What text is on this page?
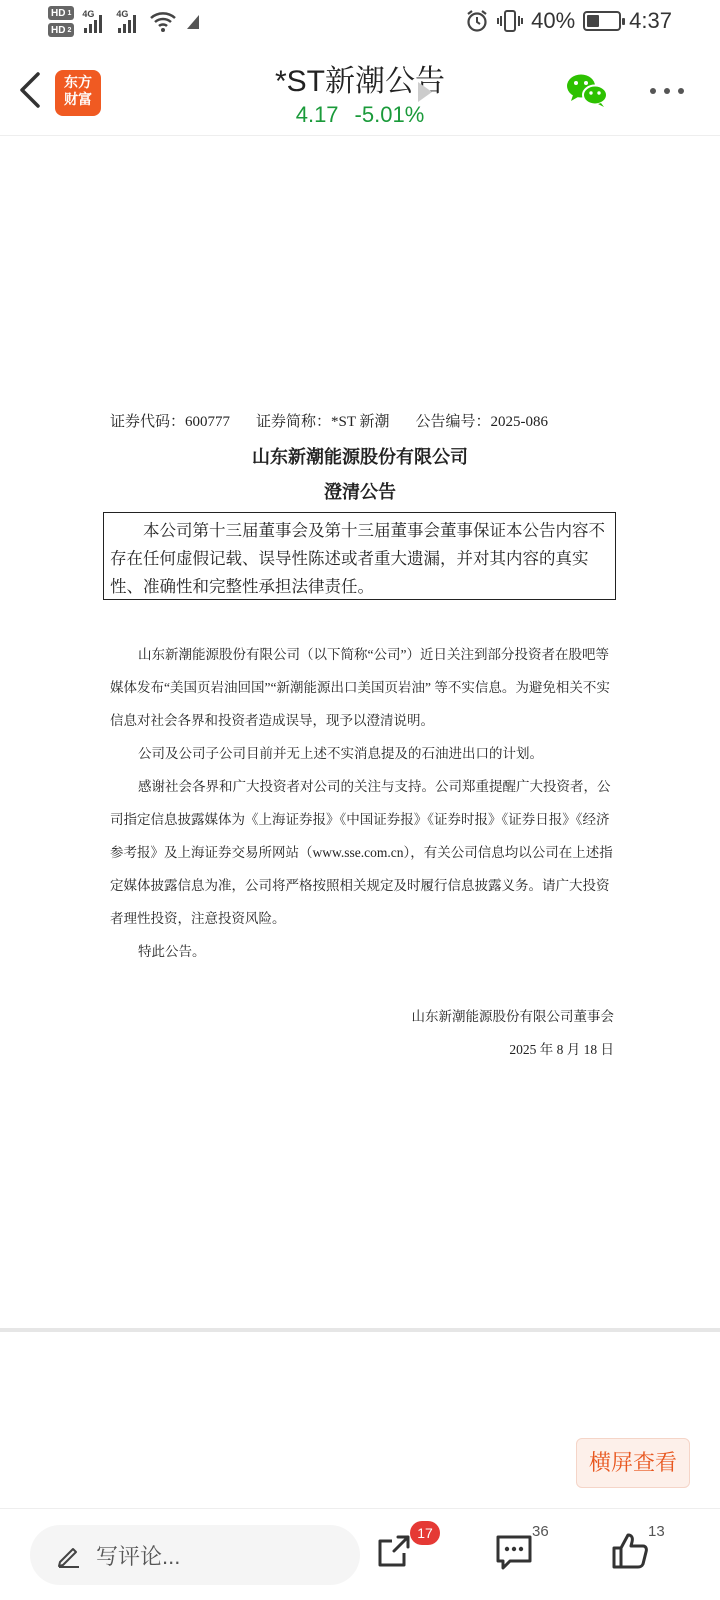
HD 1
HD 2
4G 4G	40% 4:37
东方
财富
*ST新潮公告
4.17 -5.01%
证券代码：600777 证券简称：*ST 新潮 公告编号：2025-086
山东新潮能源股份有限公司
澄清公告
本公司第十三届董事会及第十三届董事会董事保证本公告内容不存在任何虚假记载、误导性陈述或者重大遗漏，并对其内容的真实性、准确性和完整性承担法律责任。

山东新潮能源股份有限公司（以下简称“公司”）近日关注到部分投资者在股吧等媒体发布“美国页岩油回国”“新潮能源出口美国页岩油” 等不实信息。为避免相关不实信息对社会各界和投资者造成误导，现予以澄清说明。

公司及公司子公司目前并无上述不实消息提及的石油进出口的计划。

感谢社会各界和广大投资者对公司的关注与支持。公司郑重提醒广大投资者，公司指定信息披露媒体为《上海证券报》《中国证券报》《证券时报》《证券日报》《经济参考报》及上海证券交易所网站（www.sse.com.cn），有关公司信息均以公司在上述指定媒体披露信息为准，公司将严格按照相关规定及时履行信息披露义务。请广大投资者理性投资，注意投资风险。

特此公告。

山东新潮能源股份有限公司董事会
2025 年 8 月 18 日
横屏查看
写评论...
17	36	13
